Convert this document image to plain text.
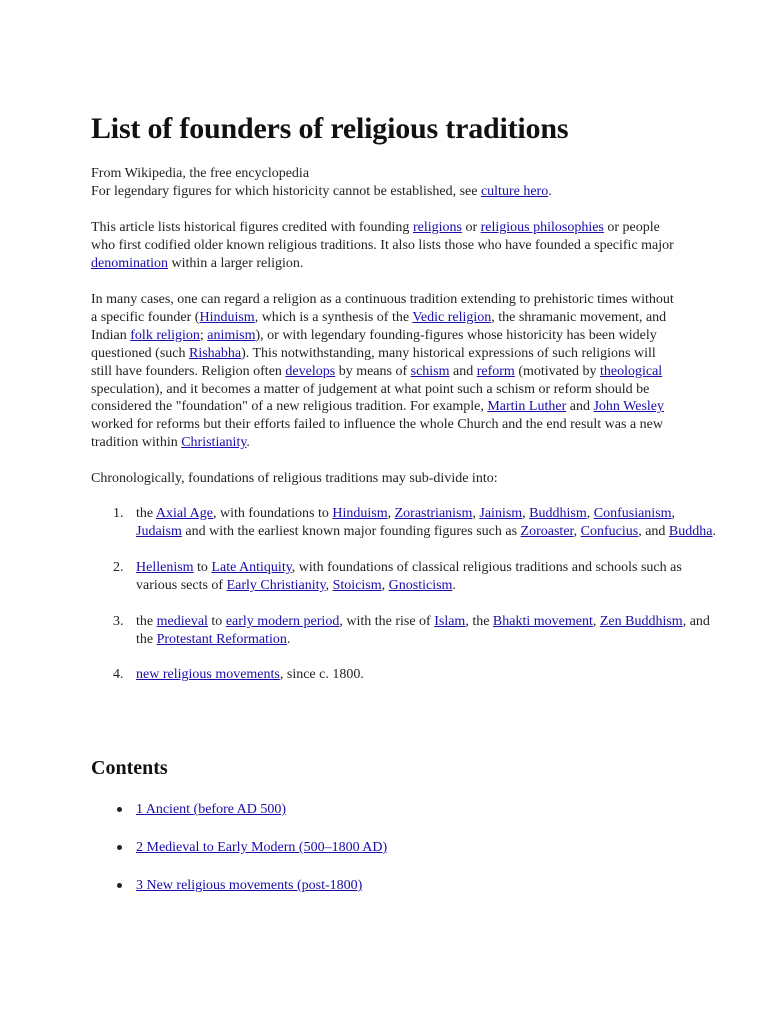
List of founders of religious traditions
From Wikipedia, the free encyclopedia
For legendary figures for which historicity cannot be established, see culture hero.

This article lists historical figures credited with founding religions or religious philosophies or people who first codified older known religious traditions. It also lists those who have founded a specific major denomination within a larger religion.

In many cases, one can regard a religion as a continuous tradition extending to prehistoric times without a specific founder (Hinduism, which is a synthesis of the Vedic religion, the shramanic movement, and Indian folk religion; animism), or with legendary founding-figures whose historicity has been widely questioned (such Rishabha). This notwithstanding, many historical expressions of such religions will still have founders. Religion often develops by means of schism and reform (motivated by theological speculation), and it becomes a matter of judgement at what point such a schism or reform should be considered the "foundation" of a new religious tradition. For example, Martin Luther and John Wesley worked for reforms but their efforts failed to influence the whole Church and the end result was a new tradition within Christianity.

Chronologically, foundations of religious traditions may sub-divide into:

1. the Axial Age, with foundations to Hinduism, Zorastrianism, Jainism, Buddhism, Confusianism, Judaism and with the earliest known major founding figures such as Zoroaster, Confucius, and Buddha.
2. Hellenism to Late Antiquity, with foundations of classical religious traditions and schools such as various sects of Early Christianity, Stoicism, Gnosticism.
3. the medieval to early modern period, with the rise of Islam, the Bhakti movement, Zen Buddhism, and the Protestant Reformation.
4. new religious movements, since c. 1800.
Contents
1 Ancient (before AD 500)
2 Medieval to Early Modern (500–1800 AD)
3 New religious movements (post-1800)
